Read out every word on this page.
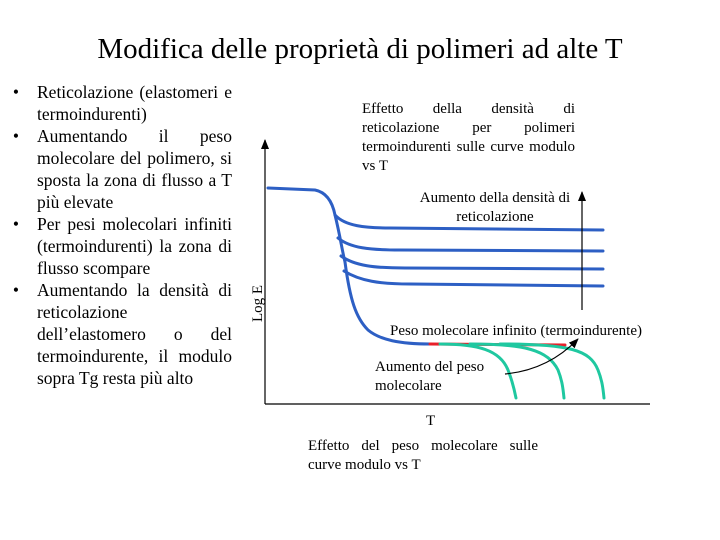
Modifica delle proprietà di polimeri ad alte T
• Reticolazione (elastomeri e termoindurenti)
• Aumentando il peso molecolare del polimero, si sposta la zona di flusso a T più elevate
• Per pesi molecolari infiniti (termoindurenti) la zona di flusso scompare
• Aumentando la densità di reticolazione dell’elastomero o del termoindurente, il modulo sopra Tg resta più alto
Log E
T
Effetto della densità di reticolazione per polimeri termoindurenti sulle curve modulo vs T
Aumento della densità di reticolazione
Peso molecolare infinito (termoindurente)
Aumento del peso molecolare
Effetto del peso molecolare sulle curve modulo vs T
